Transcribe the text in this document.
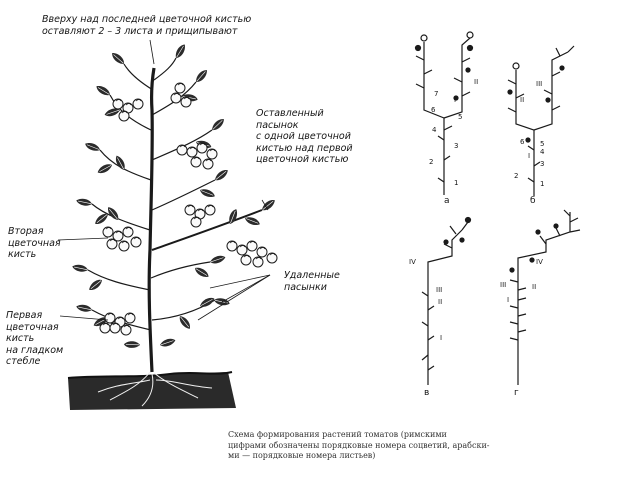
Вверху над последней цветочной кистью
оставляют 2 – 3 листа и прищипывают
Оставленный
пасынок
с одной цветочной
кистью над первой
цветочной кистью
Вторая
цветочная
кисть
Удаленные
пасынки
Первая
цветочная
кисть
на гладком
стебле
1
2
3
4
5
6
7
I
II
а
1
2
3
4
5
6
I
II
III
б
I
II
III
IV
в
I
II
III
IV
г
Схема формирования растений томатов (римскими
цифрами обозначены порядковые номера соцветий, арабски-
ми — порядковые номера листьев)
